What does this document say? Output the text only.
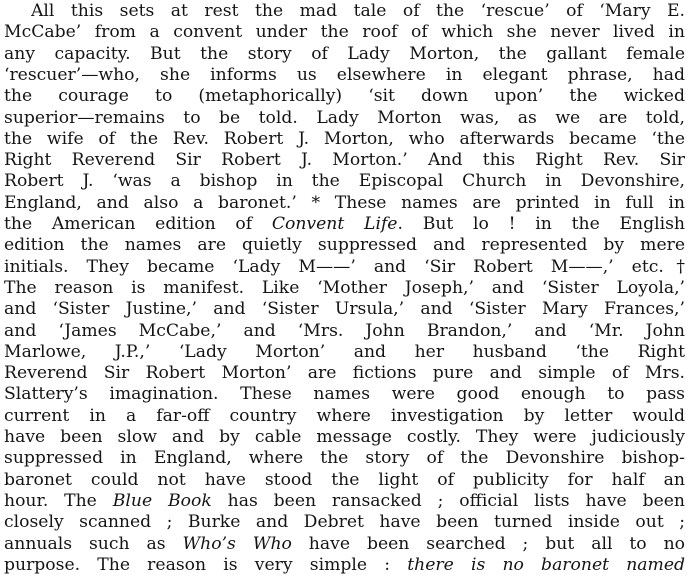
All this sets at rest the mad tale of the ‘rescue’ of ‘Mary E.
McCabe’ from a convent under the roof of which she never lived in
any capacity. But the story of Lady Morton, the gallant female
‘rescuer’—who, she informs us elsewhere in elegant phrase, had
the courage to (metaphorically) ‘sit down upon’ the wicked
superior—remains to be told. Lady Morton was, as we are told,
the wife of the Rev. Robert J. Morton, who afterwards became ‘the
Right Reverend Sir Robert J. Morton.’ And this Right Rev. Sir
Robert J. ‘was a bishop in the Episcopal Church in Devonshire,
England, and also a baronet.’ * These names are printed in full in
the American edition of Convent Life. But lo ! in the English
edition the names are quietly suppressed and represented by mere
initials. They became ‘Lady M——’ and ‘Sir Robert M——,’ etc.†
The reason is manifest. Like ‘Mother Joseph,’ and ‘Sister Loyola,’
and ‘Sister Justine,’ and ‘Sister Ursula,’ and ‘Sister Mary Frances,’
and ‘James McCabe,’ and ‘Mrs. John Brandon,’ and ‘Mr. John
Marlowe, J.P.,’ ‘Lady Morton’ and her husband ‘the Right
Reverend Sir Robert Morton’ are fictions pure and simple of Mrs.
Slattery’s imagination. These names were good enough to pass
current in a far-off country where investigation by letter would
have been slow and by cable message costly. They were judiciously
suppressed in England, where the story of the Devonshire bishop-
baronet could not have stood the light of publicity for half an
hour. The Blue Book has been ransacked ; official lists have been
closely scanned ; Burke and Debret have been turned inside out ;
annuals such as Who’s Who have been searched ; but all to no
purpose. The reason is very simple : there is no baronet named
